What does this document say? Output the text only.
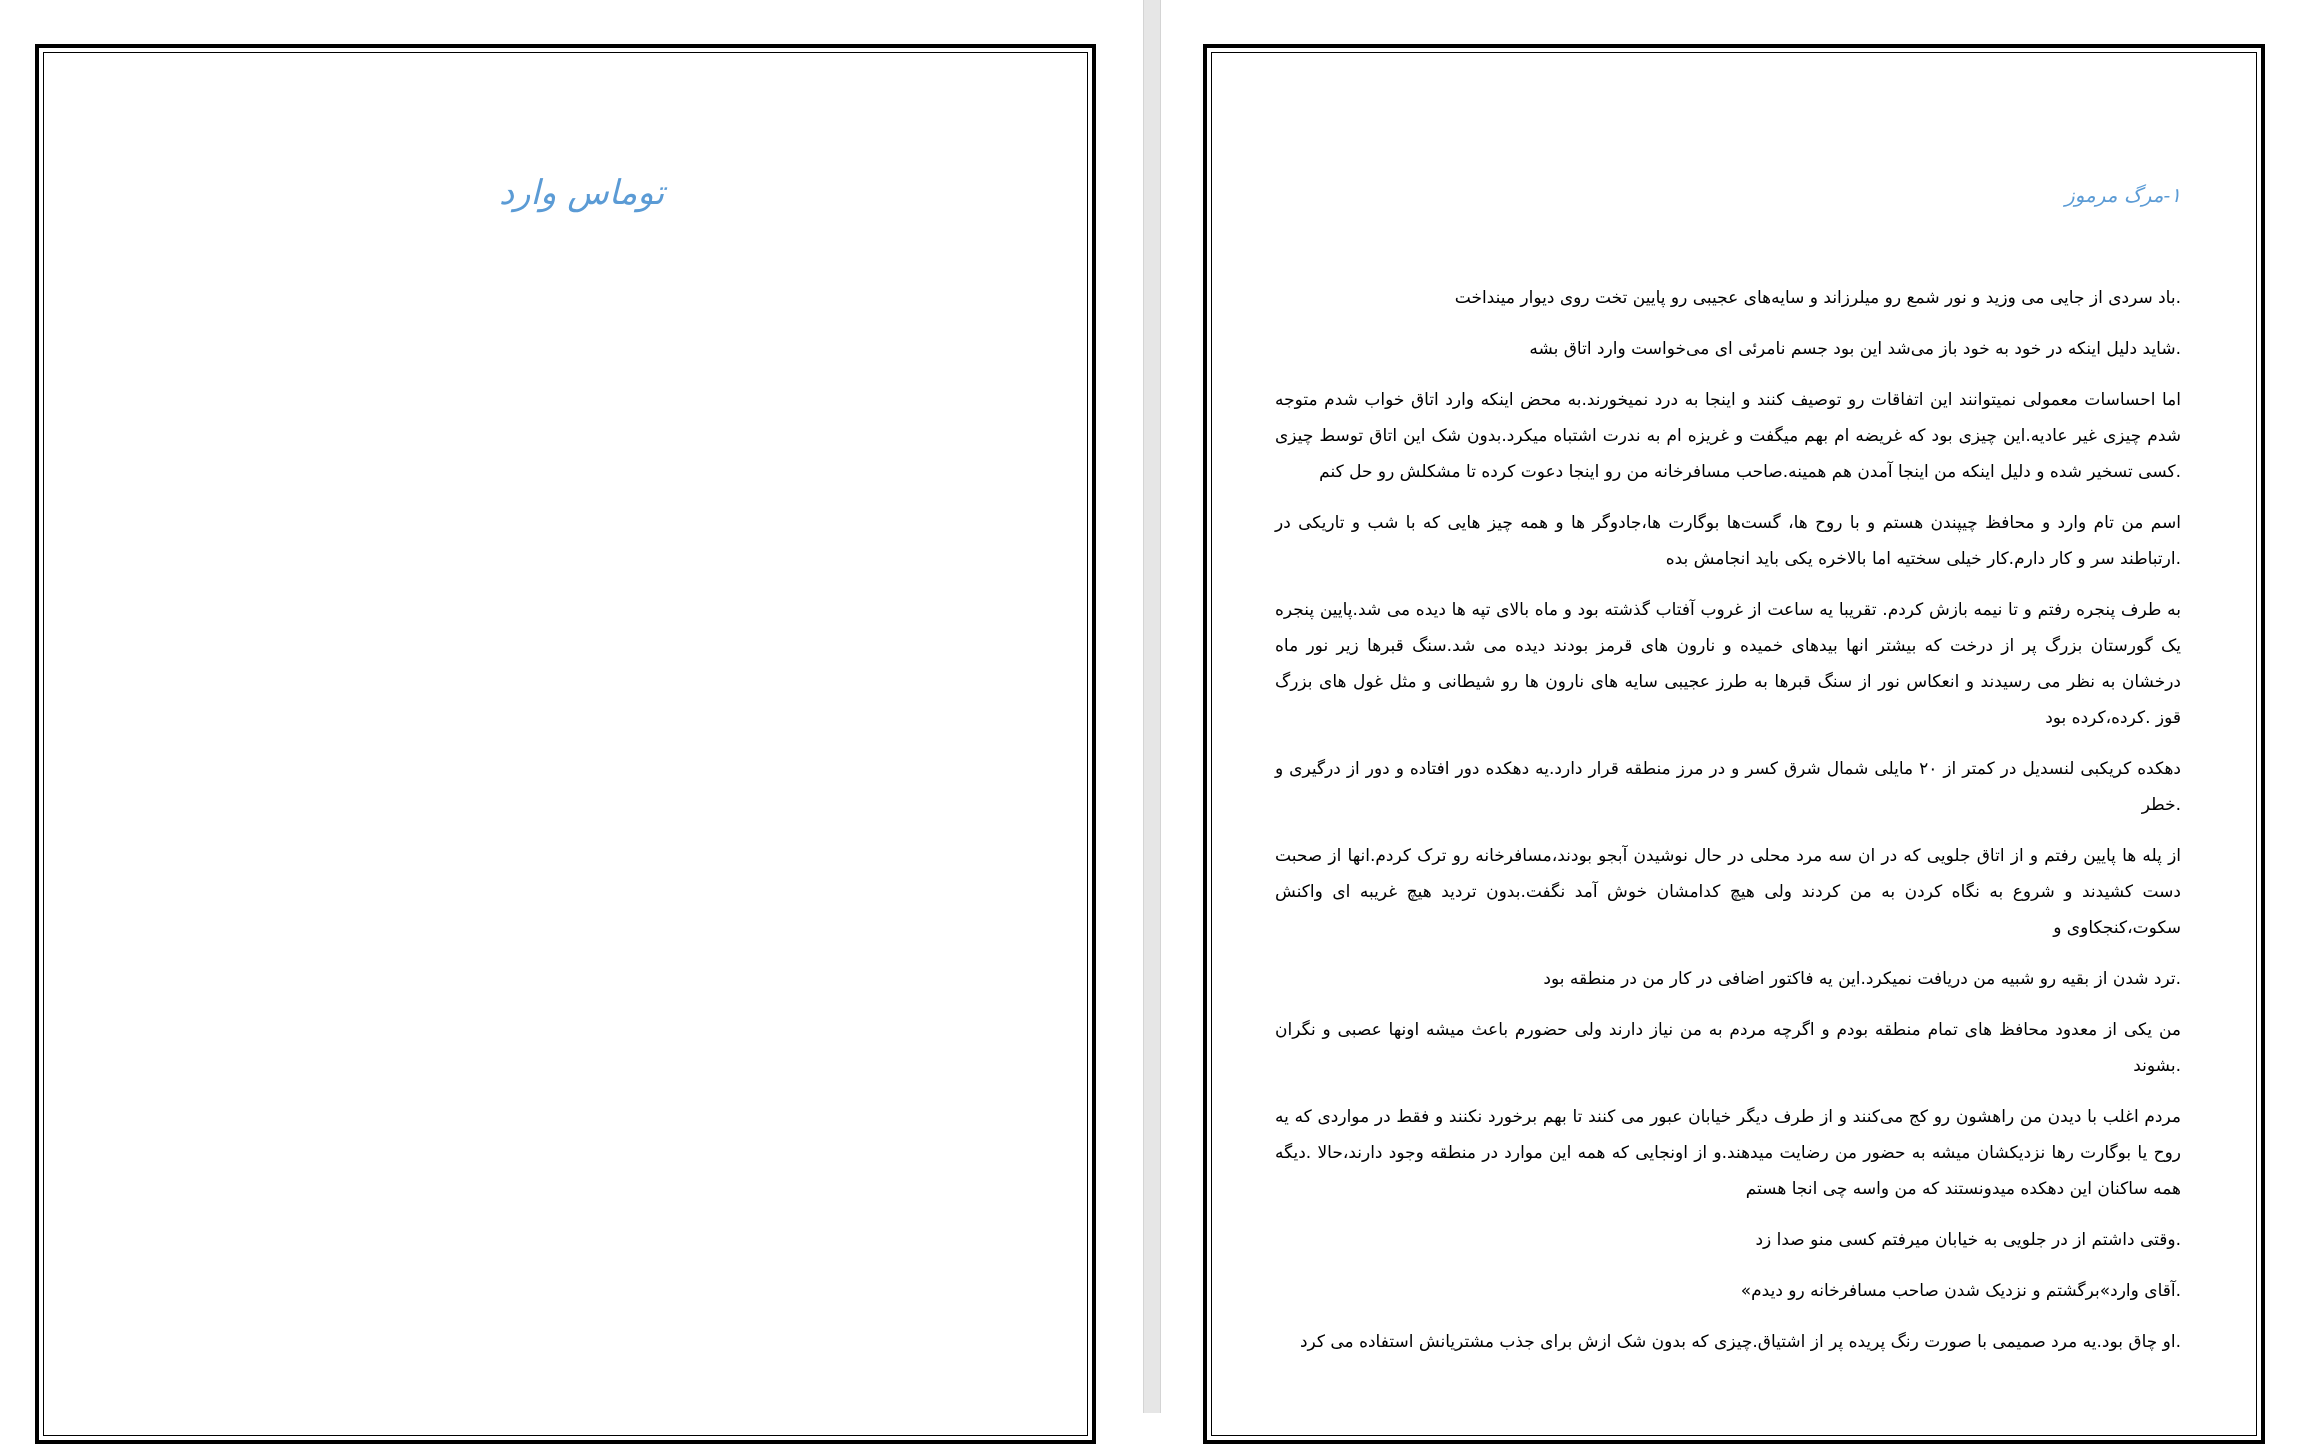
توماس وارد	۱-مرگ مرموز

.باد سردی از جایی می وزید و نور شمع رو میلرزاند و سایه‌های عجیبی رو پایین تخت روی دیوار مینداخت

.شاید دلیل اینکه در خود به خود باز می‌شد این بود جسم نامرئی ای می‌خواست وارد اتاق بشه

اما احساسات معمولی نمیتوانند این اتفاقات رو توصیف کنند و اینجا به درد نمیخورند.به محض اینکه وارد اتاق خواب شدم متوجه شدم چیزی غیر عادیه.این چیزی بود که غریضه ام بهم میگفت و غریزه ام به ندرت اشتباه میکرد.بدون شک این اتاق توسط چیزی .کسی تسخیر شده و دلیل اینکه من اینجا آمدن هم همینه.صاحب مسافرخانه من رو اینجا دعوت کرده تا مشکلش رو حل کنم

اسم من تام وارد و محافظ چیپندن هستم و با روح ها، گست‌ها بوگارت ها،جادوگر ها و همه چیز هایی که با شب و تاریکی در .ارتباطند سر و کار دارم.کار خیلی سختیه اما بالاخره یکی باید انجامش بده

به طرف پنجره رفتم و تا نیمه بازش کردم. تقریبا یه ساعت از غروب آفتاب گذشته بود و ماه بالای تپه ها دیده می شد.پایین پنجره یک گورستان بزرگ پر از درخت که بیشتر انها بیدهای خمیده و نارون های قرمز بودند دیده می شد.سنگ قبرها زیر نور ماه درخشان به نظر می رسیدند و انعکاس نور از سنگ قبرها به طرز عجیبی سایه های نارون ها رو شیطانی و مثل غول های بزرگ قوز .کرده،کرده بود

دهکده کریکبی لنسدیل در کمتر از ۲۰ مایلی شمال شرق کسر و در مرز منطقه قرار دارد.یه دهکده دور افتاده و دور از درگیری و .خطر

از پله ها پایین رفتم و از اتاق جلویی که در ان سه مرد محلی در حال نوشیدن آبجو بودند،مسافرخانه رو ترک کردم.انها از صحبت دست کشیدند و شروع به نگاه کردن به من کردند ولی هیچ کدامشان خوش آمد نگفت.بدون تردید هیچ غریبه ای واکنش سکوت،کنجکاوی و

.ترد شدن از بقیه رو شبیه من دریافت نمیکرد.این یه فاکتور اضافی در کار من در منطقه بود

من یکی از معدود محافظ های تمام منطقه بودم و اگرچه مردم به من نیاز دارند ولی حضورم باعث میشه اونها عصبی و نگران .بشوند

مردم اغلب با دیدن من راهشون رو کج می‌کنند و از طرف دیگر خیابان عبور می کنند تا بهم برخورد نکنند و فقط در مواردی که یه روح یا بوگارت رها نزدیکشان میشه به حضور من رضایت میدهند.و از اونجایی که همه این موارد در منطقه وجود دارند،حالا .دیگه همه ساکنان این دهکده میدونستند که من واسه چی انجا هستم

.وقتی داشتم از در جلویی به خیابان میرفتم کسی منو صدا زد

.آقای وارد»برگشتم و نزدیک شدن صاحب مسافرخانه رو دیدم»

.او چاق بود.یه مرد صمیمی با صورت رنگ پریده پر از اشتیاق.چیزی که بدون شک ازش برای جذب مشتریانش استفاده می کرد
